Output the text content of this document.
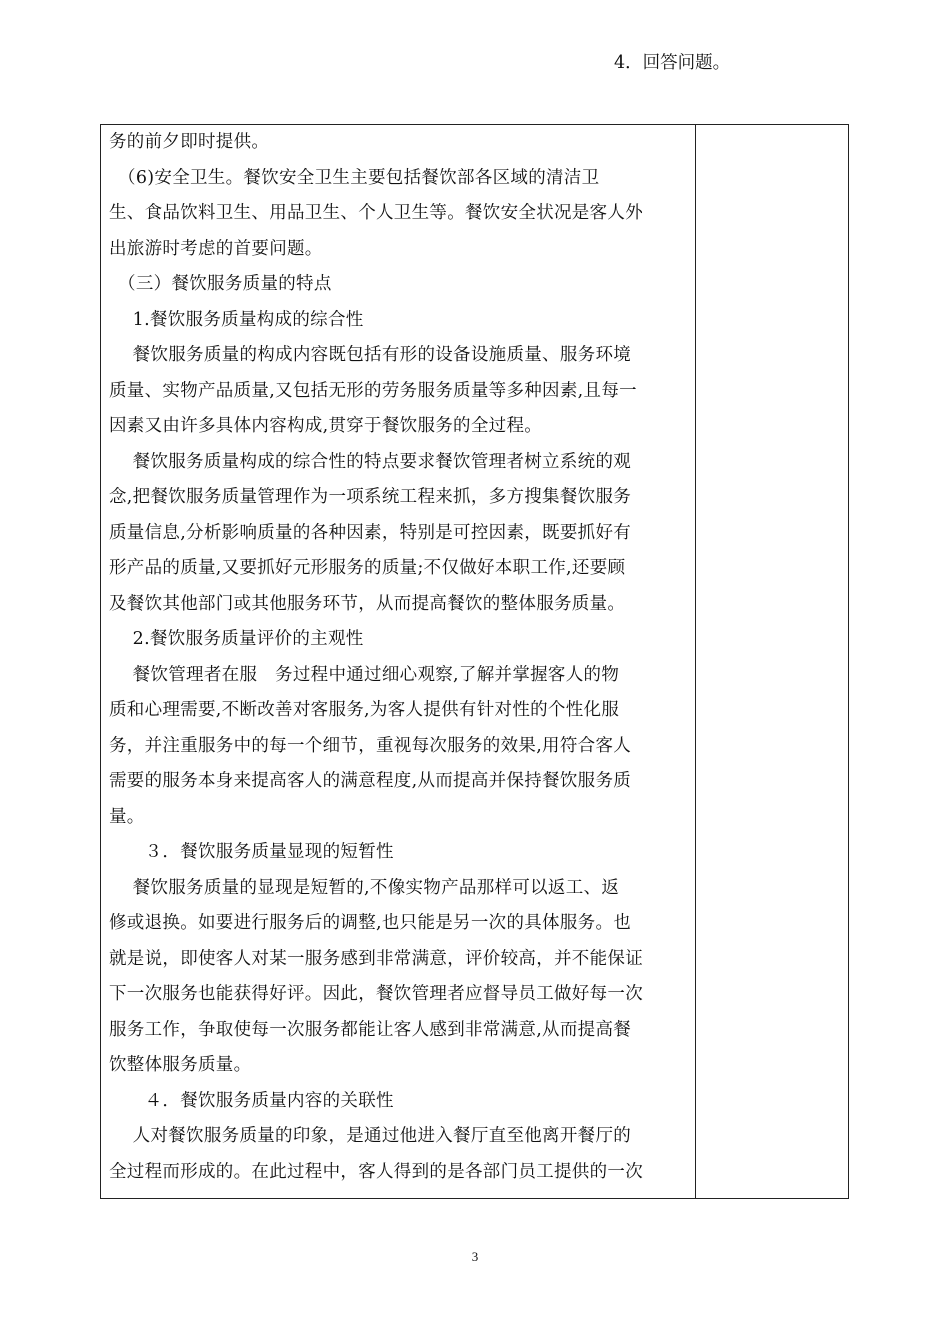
务的前夕即时提供。
　（6)安全卫生。餐饮安全卫生主要包括餐饮部各区域的清洁卫
生、食品饮料卫生、用品卫生、个人卫生等。餐饮安全状况是客人外
出旅游时考虑的首要问题。
　（三）餐饮服务质量的特点
　 1.餐饮服务质量构成的综合性
　 餐饮服务质量的构成内容既包括有形的设备设施质量、服务环境
质量、实物产品质量,又包括无形的劳务服务质量等多种因素,且每一
因素又由许多具体内容构成,贯穿于餐饮服务的全过程。
　 餐饮服务质量构成的综合性的特点要求餐饮管理者树立系统的观
念,把餐饮服务质量管理作为一项系统工程来抓，多方搜集餐饮服务
质量信息,分析影响质量的各种因素，特别是可控因素，既要抓好有
形产品的质量,又要抓好元形服务的质量;不仅做好本职工作,还要顾
及餐饮其他部门或其他服务环节，从而提高餐饮的整体服务质量。
　 2.餐饮服务质量评价的主观性
　 餐饮管理者在服　务过程中通过细心观察,了解并掌握客人的物
质和心理需要,不断改善对客服务,为客人提供有针对性的个性化服
务，并注重服务中的每一个细节，重视每次服务的效果,用符合客人
需要的服务本身来提高客人的满意程度,从而提高并保持餐饮服务质
量。
　　３．餐饮服务质量显现的短暂性
　 餐饮服务质量的显现是短暂的,不像实物产品那样可以返工、返
修或退换。如要进行服务后的调整,也只能是另一次的具体服务。也
就是说，即使客人对某一服务感到非常满意，评价较高，并不能保证
下一次服务也能获得好评。因此，餐饮管理者应督导员工做好每一次
服务工作，争取使每一次服务都能让客人感到非常满意,从而提高餐
饮整体服务质量。
　　４．餐饮服务质量内容的关联性
　 人对餐饮服务质量的印象，是通过他进入餐厅直至他离开餐厅的
全过程而形成的。在此过程中，客人得到的是各部门员工提供的一次
4．回答问题。
3
